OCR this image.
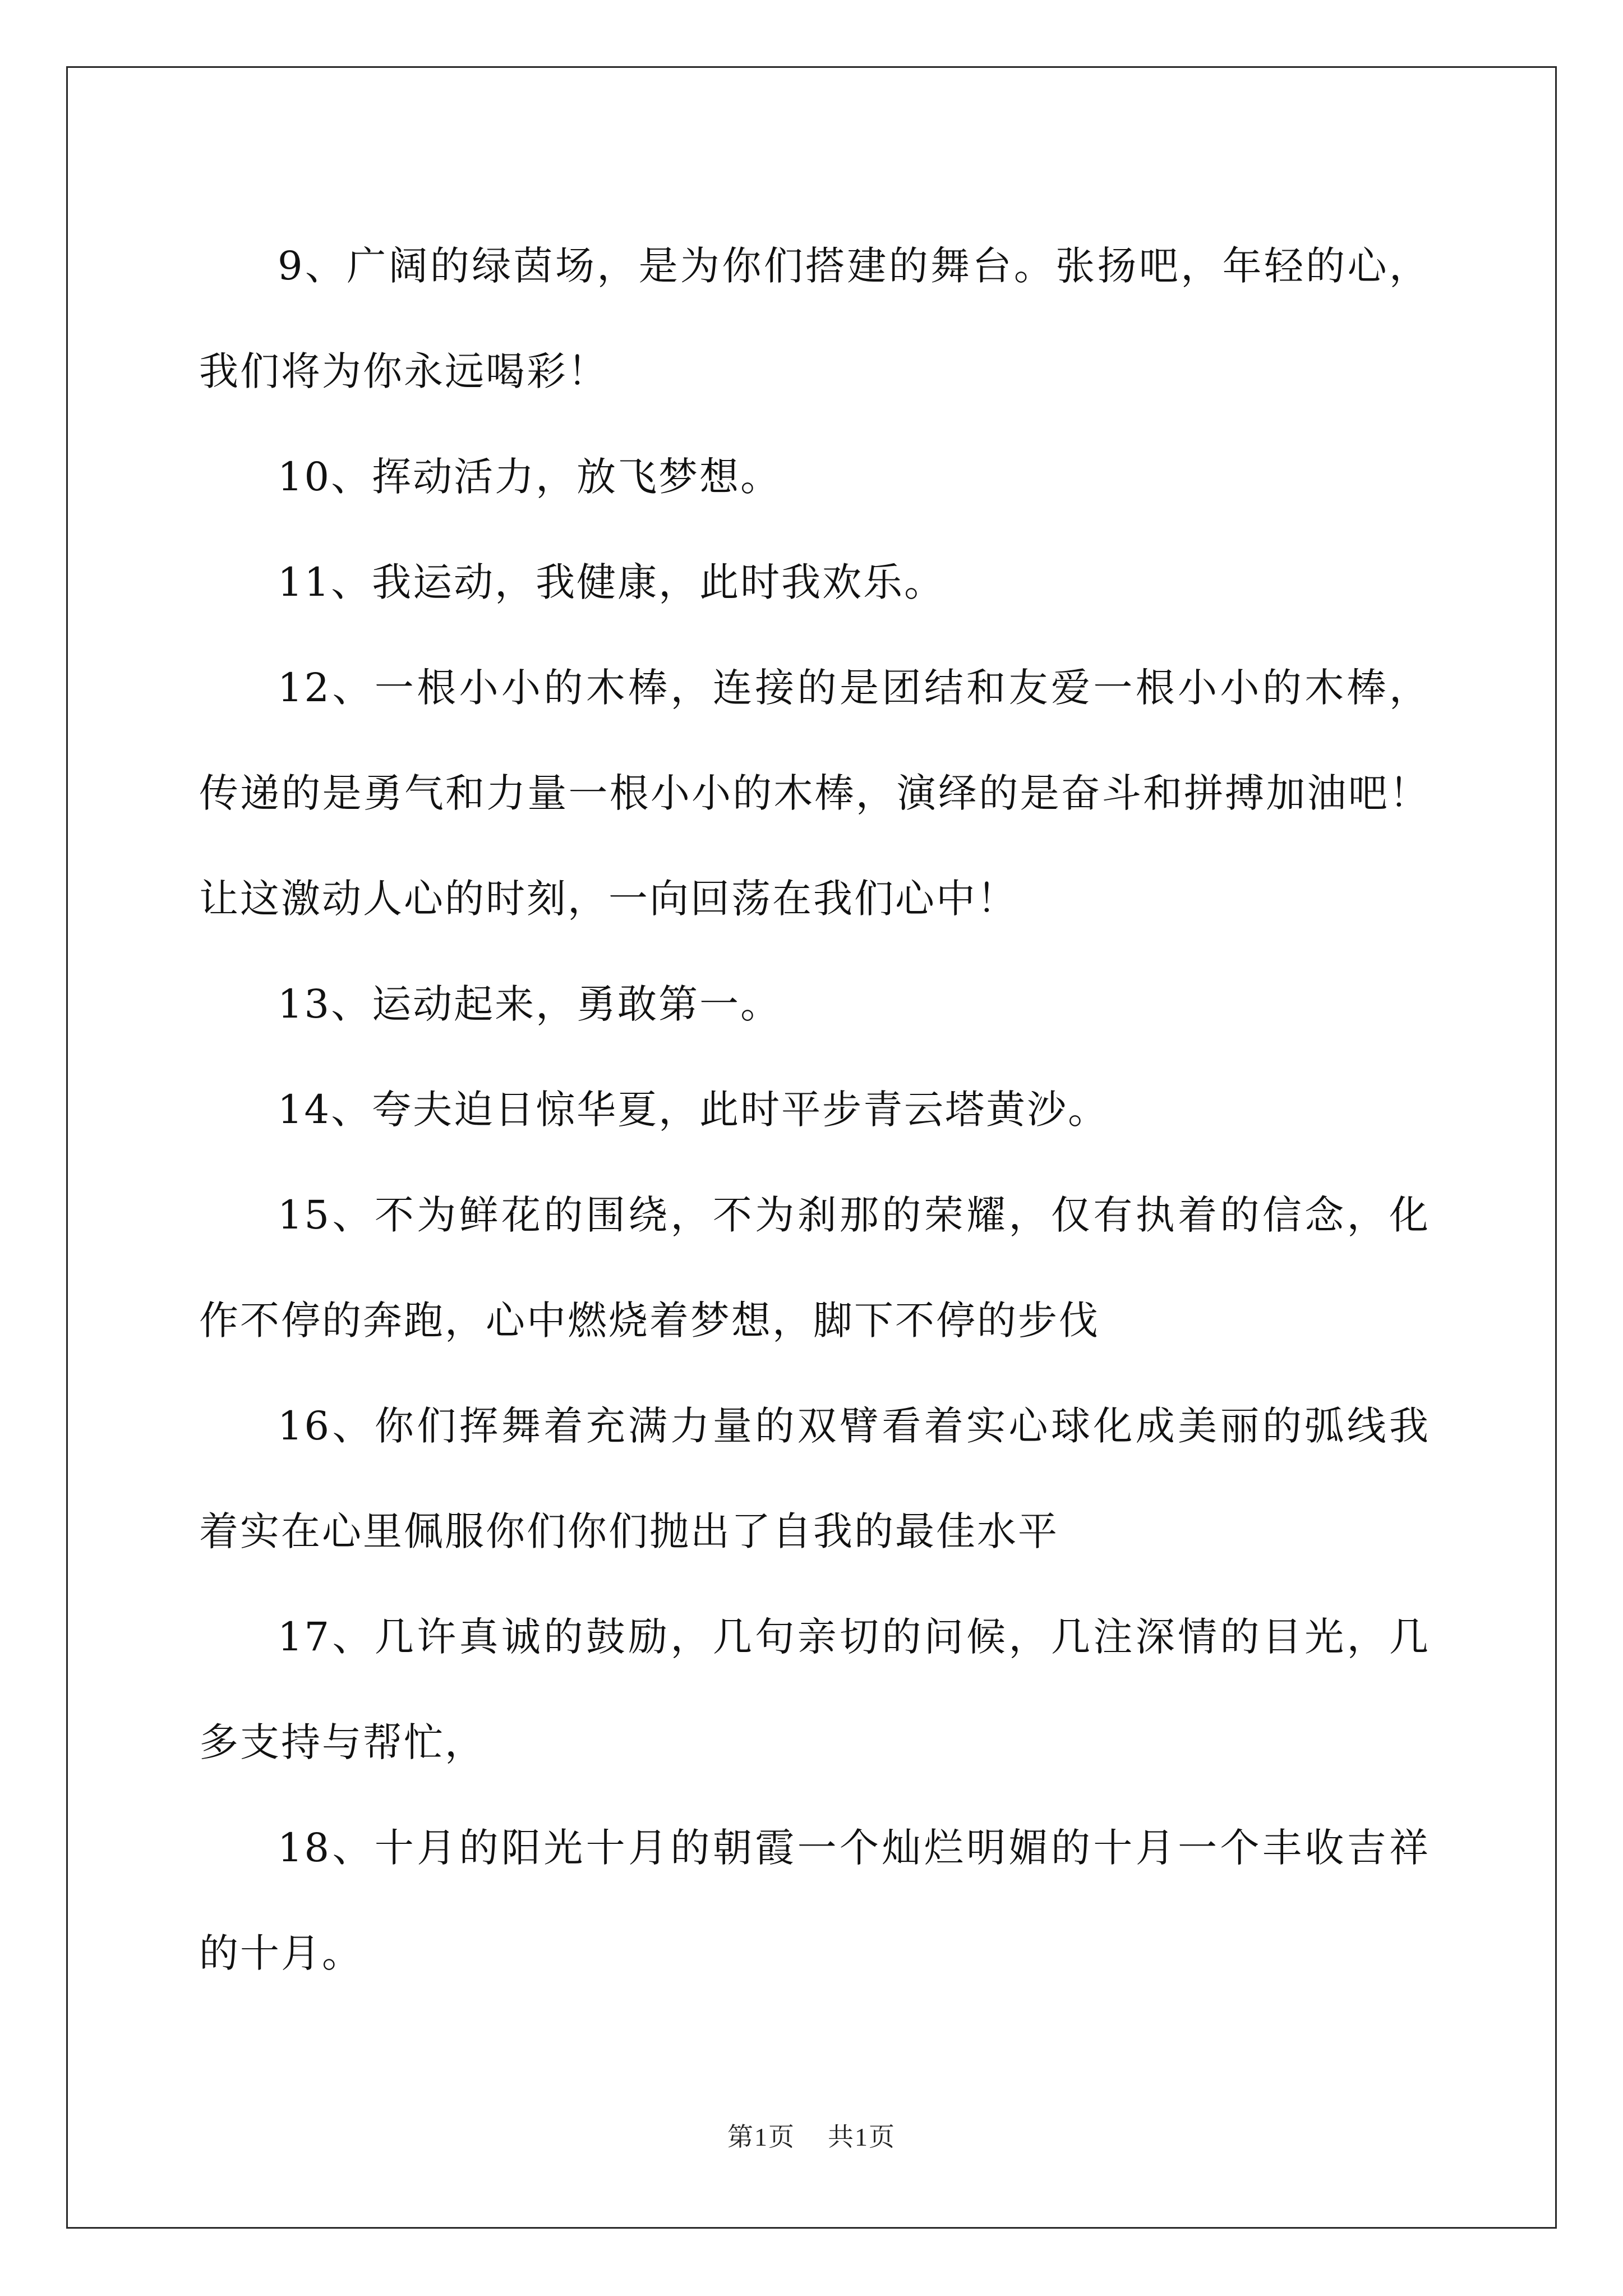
9、广阔的绿茵场，是为你们搭建的舞台。张扬吧，年轻的心，我们将为你永远喝彩！

10、挥动活力，放飞梦想。

11、我运动，我健康，此时我欢乐。

12、一根小小的木棒，连接的是团结和友爱一根小小的木棒，传递的是勇气和力量一根小小的木棒，演绎的是奋斗和拼搏加油吧！让这激动人心的时刻，一向回荡在我们心中！

13、运动起来，勇敢第一。

14、夸夫迫日惊华夏，此时平步青云塔黄沙。

15、不为鲜花的围绕，不为刹那的荣耀，仅有执着的信念，化作不停的奔跑，心中燃烧着梦想，脚下不停的步伐

16、你们挥舞着充满力量的双臂看着实心球化成美丽的弧线我着实在心里佩服你们你们抛出了自我的最佳水平

17、几许真诚的鼓励，几句亲切的问候，几注深情的目光，几多支持与帮忙，

18、十月的阳光十月的朝霞一个灿烂明媚的十月一个丰收吉祥的十月。

第1页 共1页
